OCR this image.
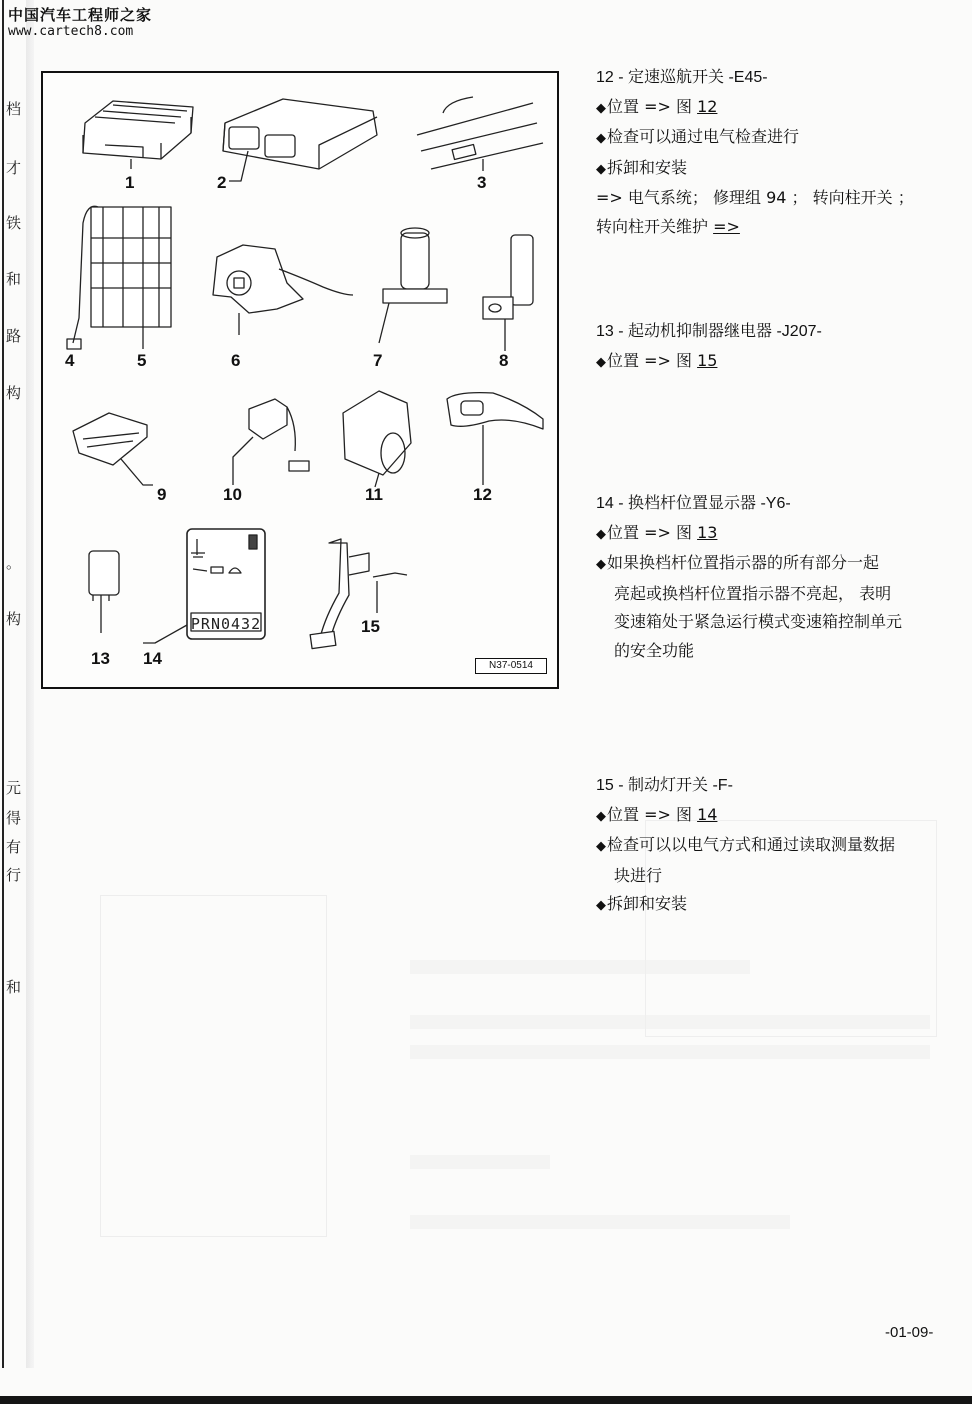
中国汽车工程师之家
www.cartech8.com
档
才
铁
和
路
构
。
构
元
得
有
行
和
PRN0432
1	2	3
4	5	6	7	8
9	10	11	12
13 14
15
N37-0514
12 - 定速巡航开关 -E45-
◆位置 => 图 12
◆检查可以通过电气检查进行
◆拆卸和安装
=> 电气系统； 修理组 94 ； 转向柱开关 ；
转向柱开关维护 =>
13 - 起动机抑制器继电器 -J207-
◆位置 => 图 15
14 - 换档杆位置显示器 -Y6-
◆位置 => 图 13
◆如果换档杆位置指示器的所有部分一起
亮起或换档杆位置指示器不亮起， 表明
变速箱处于紧急运行模式变速箱控制单元
的安全功能
15 - 制动灯开关 -F-
◆位置 => 图 14
◆检查可以以电气方式和通过读取测量数据
块进行
◆拆卸和安装
-01-09-
